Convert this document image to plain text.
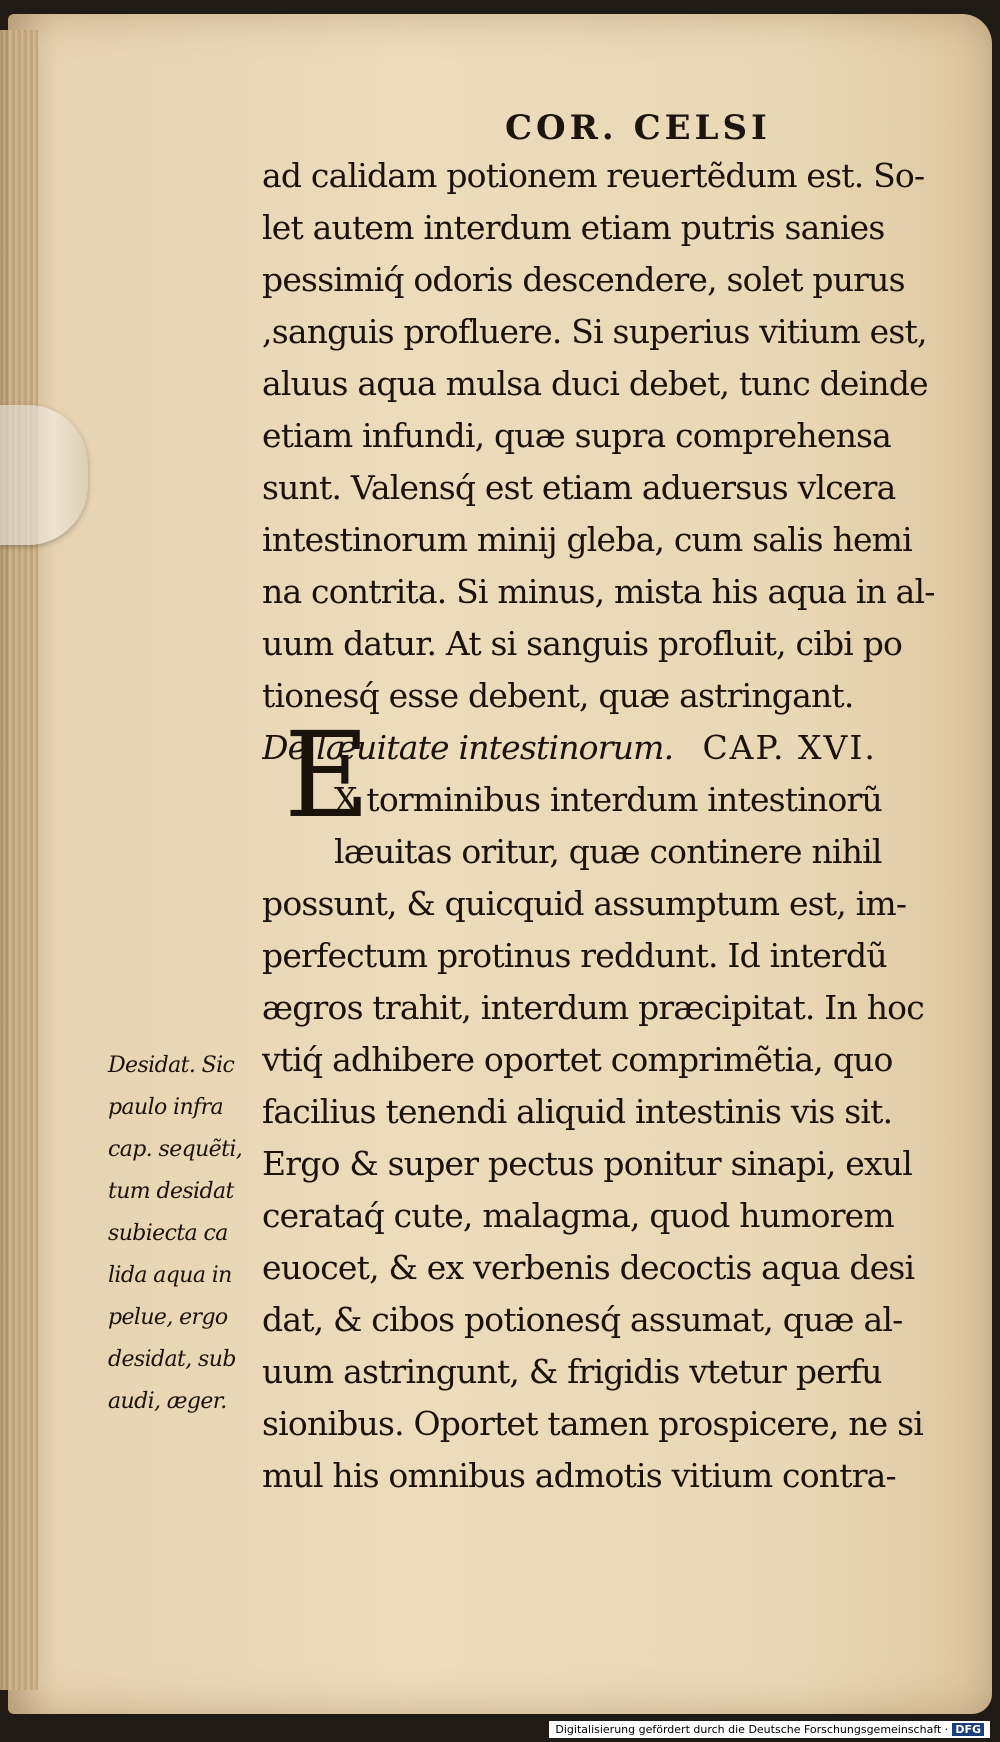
COR. CELSI
ad calidam potionem reuertẽdum est. So-
let autem interdum etiam putris sanies
pessimiq́ odoris descendere, solet purus
,sanguis profluere. Si superius vitium est,
aluus aqua mulsa duci debet, tunc deinde
etiam infundi, quæ supra comprehensa
sunt. Valensq́ est etiam aduersus vlcera
intestinorum minij gleba, cum salis hemi
na contrita. Si minus, mista his aqua in al-
uum datur. At si sanguis profluit, cibi po
tionesq́ esse debent, quæ astringant.
De læuitate intestinorum. CAP. XVI.
X torminibus interdum intestinorũ
læuitas oritur, quæ continere nihil
possunt, & quicquid assumptum est, im-
perfectum protinus reddunt. Id interdũ
ægros trahit, interdum præcipitat. In hoc
vtiq́ adhibere oportet comprimẽtia, quo
facilius tenendi aliquid intestinis vis sit.
Ergo & super pectus ponitur sinapi, exul
cerataq́ cute, malagma, quod humorem
euocet, & ex verbenis decoctis aqua desi
dat, & cibos potionesq́ assumat, quæ al-
uum astringunt, & frigidis vtetur perfu
sionibus. Oportet tamen prospicere, ne si
mul his omnibus admotis vitium contra-
E
Desidat. Sic
paulo infra
cap. sequẽti,
tum desidat
subiecta ca
lida aqua in
pelue, ergo
desidat, sub
audi, æger.
Digitalisierung gefördert durch die Deutsche Forschungsgemeinschaft · DFG
